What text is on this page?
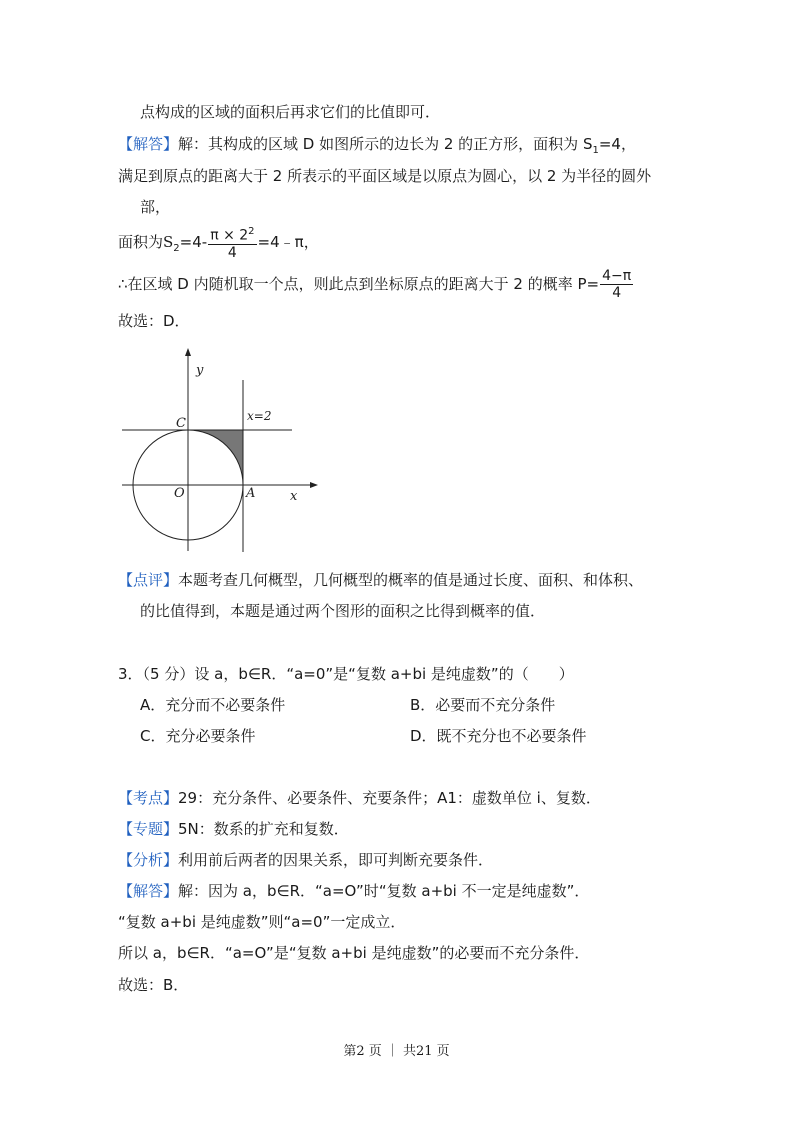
点构成的区域的面积后再求它们的比值即可．
【解答】解：其构成的区域 D 如图所示的边长为 2 的正方形，面积为 $S_1=4$，
满足到原点的距离大于 2 所表示的平面区域是以原点为圆心，以 2 为半径的圆外
部，
面积为$S_2=4- \frac{\pi \times 2^2}{4}$ =4﹣π，
∴在区域 D 内随机取一个点，则此点到坐标原点的距离大于 2 的概率 $P= \frac{4-\pi}{4}$
故选：D．
y
x
C
O	A
x=2
【点评】本题考查几何概型，几何概型的概率的值是通过长度、面积、和体积、
的比值得到，本题是通过两个图形的面积之比得到概率的值．
3．（5 分）设 a，b∈R．“a=0”是“复数 a+bi 是纯虚数”的（　　）
A．充分而不必要条件	B．必要而不充分条件
C．充分必要条件	D．既不充分也不必要条件
【考点】29：充分条件、必要条件、充要条件；A1：虚数单位 i、复数．
【专题】5N：数系的扩充和复数．
【分析】利用前后两者的因果关系，即可判断充要条件．
【解答】解：因为 a，b∈R．“a=O”时“复数 a+bi 不一定是纯虚数”．
“复数 a+bi 是纯虚数”则“a=0”一定成立．
所以 a，b∈R．“a=O”是“复数 a+bi 是纯虚数”的必要而不充分条件．
故选：B．
第2 页 ｜ 共21 页
